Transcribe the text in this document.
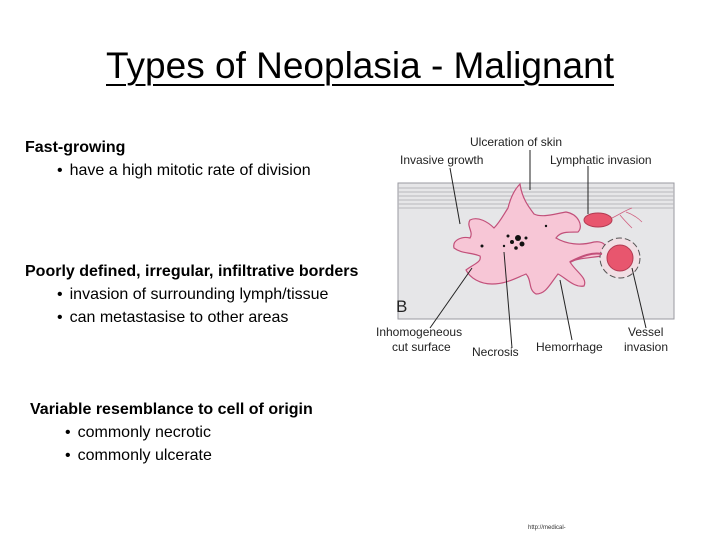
Types of Neoplasia - Malignant
Fast-growing
• have a high mitotic rate of division
Poorly defined, irregular, infiltrative borders
• invasion of surrounding lymph/tissue
• can metastasise to other areas
Variable resemblance to cell of origin
• commonly necrotic
• commonly ulcerate
Ulceration of skin
Invasive growth	Lymphatic invasion
B
Inhomogeneous
cut surface Necrosis Hemorrhage
Vessel
invasion
http://medical-
